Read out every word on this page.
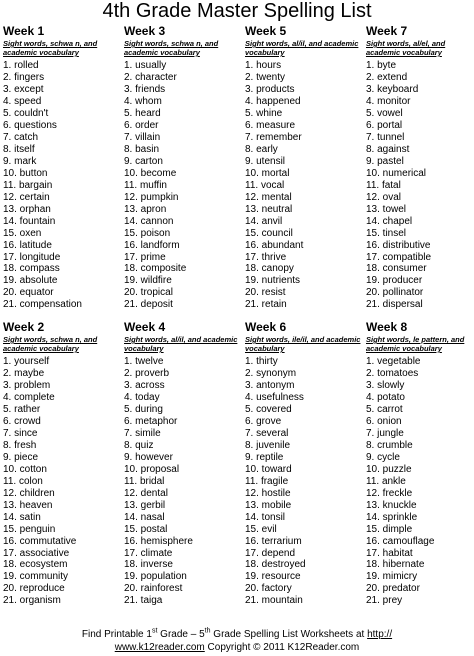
4th Grade Master Spelling List
Week 1
Sight words, schwa n, and academic vocabulary
1. rolled
2. fingers
3. except
4. speed
5. couldn't
6. questions
7. catch
8. itself
9. mark
10. button
11. bargain
12. certain
13. orphan
14. fountain
15. oxen
16. latitude
17. longitude
18. compass
19. absolute
20. equator
21. compensation
Week 3
Sight words, schwa n, and academic vocabulary
1. usually
2. character
3. friends
4. whom
5. heard
6. order
7. villain
8. basin
9. carton
10. become
11. muffin
12. pumpkin
13. apron
14. cannon
15. poison
16. landform
17. prime
18. composite
19. wildfire
20. tropical
21. deposit
Week 5
Sight words, al/il, and academic vocabulary
1. hours
2. twenty
3. products
4. happened
5. whine
6. measure
7. remember
8. early
9. utensil
10. mortal
11. vocal
12. mental
13. neutral
14. anvil
15. council
16. abundant
17. thrive
18. canopy
19. nutrients
20. resist
21. retain
Week 7
Sight words, al/el, and academic vocabulary
1. byte
2. extend
3. keyboard
4. monitor
5. vowel
6. portal
7. tunnel
8. against
9. pastel
10. numerical
11. fatal
12. oval
13. towel
14. chapel
15. tinsel
16. distributive
17. compatible
18. consumer
19. producer
20. pollinator
21. dispersal
Week 2
Sight words, schwa n, and academic vocabulary
1. yourself
2. maybe
3. problem
4. complete
5. rather
6. crowd
7. since
8. fresh
9. piece
10. cotton
11. colon
12. children
13. heaven
14. satin
15. penguin
16. commutative
17. associative
18. ecosystem
19. community
20. reproduce
21. organism
Week 4
Sight words, al/il, and academic vocabulary
1. twelve
2. proverb
3. across
4. today
5. during
6. metaphor
7. simile
8. quiz
9. however
10. proposal
11. bridal
12. dental
13. gerbil
14. nasal
15. postal
16. hemisphere
17. climate
18. inverse
19. population
20. rainforest
21. taiga
Week 6
Sight words, ile/il, and academic vocabulary
1. thirty
2. synonym
3. antonym
4. usefulness
5. covered
6. grove
7. several
8. juvenile
9. reptile
10. toward
11. fragile
12. hostile
13. mobile
14. tonsil
15. evil
16. terrarium
17. depend
18. destroyed
19. resource
20. factory
21. mountain
Week 8
Sight words, le pattern, and academic vocabulary
1. vegetable
2. tomatoes
3. slowly
4. potato
5. carrot
6. onion
7. jungle
8. crumble
9. cycle
10. puzzle
11. ankle
12. freckle
13. knuckle
14. sprinkle
15. dimple
16. camouflage
17. habitat
18. hibernate
19. mimicry
20. predator
21. prey
Find Printable 1st Grade – 5th Grade Spelling List Worksheets at http://
www.k12reader.com Copyright © 2011 K12Reader.com
